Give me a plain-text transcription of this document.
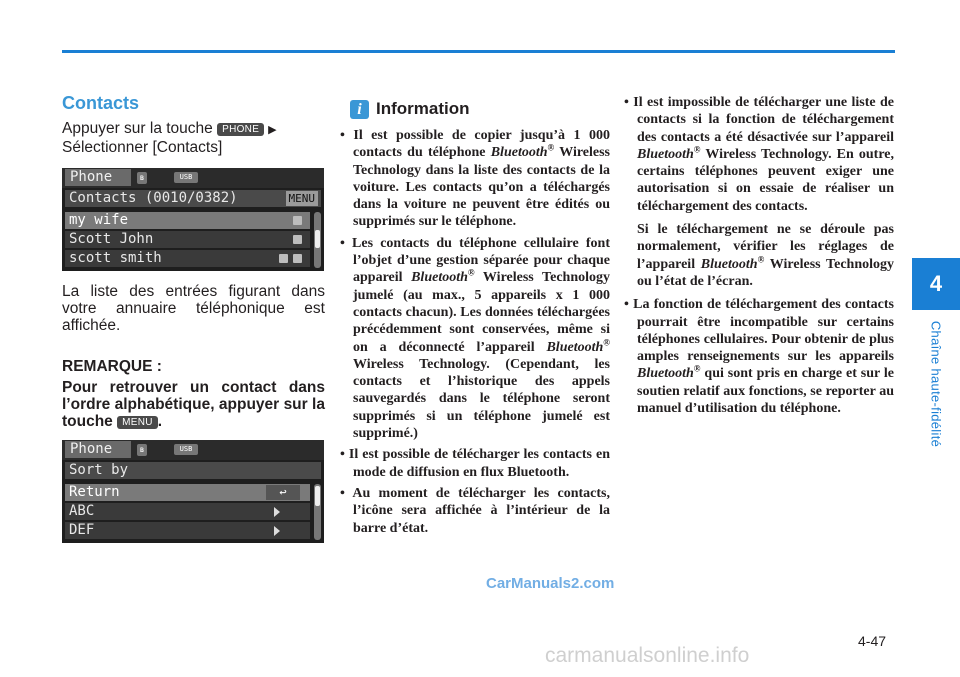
4
Chaîne haute-fidélité
Contacts
Appuyer sur la touche PHONE ▶
Sélectionner [Contacts]
Phone	ʙ	USB
Contacts (0010/0382)	MENU
my wife
Scott John
scott smith
La liste des entrées figurant dans votre annuaire téléphonique est affichée.
REMARQUE :
Pour retrouver un contact dans l’ordre alphabétique, appuyer sur la touche MENU .
Phone	ʙ	USB
Sort by
Return	↩
ABC
DEF
i Information

• Il est possible de copier jusqu’à 1 000 contacts du téléphone Bluetooth® Wireless Technology dans la liste des contacts de la voiture. Les contacts qu’on a téléchargés dans la voiture ne peuvent être édités ou supprimés sur le téléphone.

• Les contacts du téléphone cellulaire font l’objet d’une gestion séparée pour chaque appareil Bluetooth® Wireless Technology jumelé (au max., 5 appareils x 1 000 contacts chacun). Les données téléchargées précédemment sont conservées, même si on a déconnecté l’appareil Bluetooth® Wireless Technology. (Cependant, les contacts et l’historique des appels sauvegardés dans le téléphone seront supprimés si un téléphone jumelé est supprimé.)

• Il est possible de télécharger les contacts en mode de diffusion en flux Bluetooth.

• Au moment de télécharger les contacts, l’icône sera affichée à l’intérieur de la barre d’état.

• Il est impossible de télécharger une liste de contacts si la fonction de téléchargement des contacts a été désactivée sur l’appareil Bluetooth® Wireless Technology. En outre, certains téléphones peuvent exiger une autorisation si on essaie de réaliser un téléchargement des contacts.

Si le téléchargement ne se déroule pas normalement, vérifier les réglages de l’appareil Bluetooth® Wireless Technology ou l’état de l’écran.

• La fonction de téléchargement des contacts pourrait être incompatible sur certains téléphones cellulaires. Pour obtenir de plus amples renseignements sur les appareils Bluetooth® qui sont pris en charge et sur le soutien relatif aux fonctions, se reporter au manuel d’utilisation du téléphone.

4-47
CarManuals2.com
carmanualsonline.info
